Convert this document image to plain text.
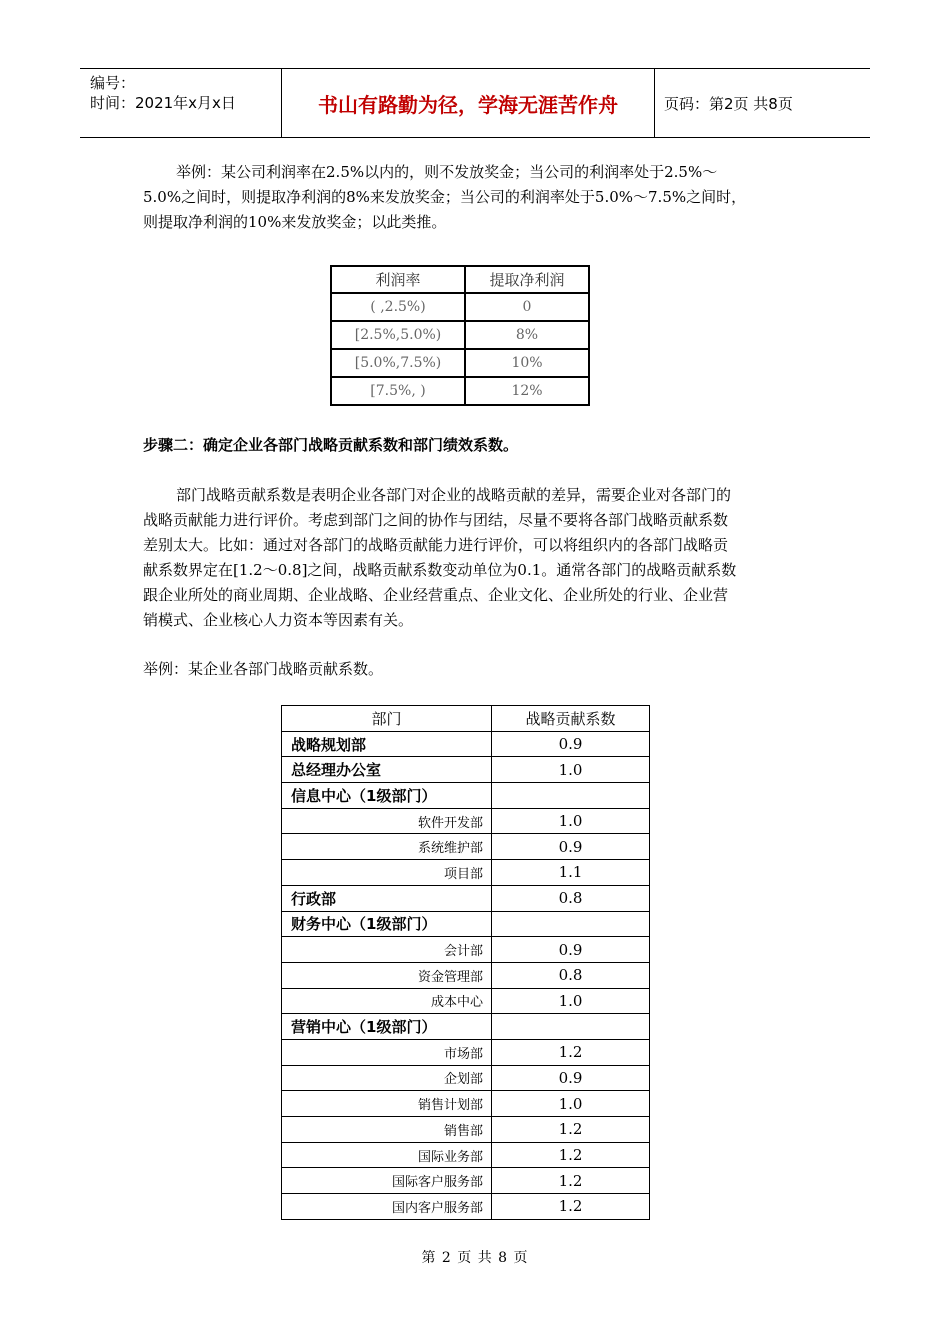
编号：
时间：2021年x月x日	书山有路勤为径，学海无涯苦作舟	页码：第2页 共8页
举例：某公司利润率在2.5%以内的，则不发放奖金；当公司的利润率处于2.5%～
5.0%之间时，则提取净利润的8%来发放奖金；当公司的利润率处于5.0%～7.5%之间时，
则提取净利润的10%来发放奖金；以此类推。
利润率	提取净利润
( ,2.5%)	0
[2.5%,5.0%)	8%
[5.0%,7.5%)	10%
[7.5%, )	12%
步骤二：确定企业各部门战略贡献系数和部门绩效系数。
部门战略贡献系数是表明企业各部门对企业的战略贡献的差异，需要企业对各部门的
战略贡献能力进行评价。考虑到部门之间的协作与团结，尽量不要将各部门战略贡献系数
差别太大。比如：通过对各部门的战略贡献能力进行评价，可以将组织内的各部门战略贡
献系数界定在[1.2～0.8]之间，战略贡献系数变动单位为0.1。通常各部门的战略贡献系数
跟企业所处的商业周期、企业战略、企业经营重点、企业文化、企业所处的行业、企业营
销模式、企业核心人力资本等因素有关。
举例：某企业各部门战略贡献系数。
部门	战略贡献系数
战略规划部	0.9
总经理办公室	1.0
信息中心（1级部门）	
软件开发部	1.0
系统维护部	0.9
项目部	1.1
行政部	0.8
财务中心（1级部门）	
会计部	0.9
资金管理部	0.8
成本中心	1.0
营销中心（1级部门）	
市场部	1.2
企划部	0.9
销售计划部	1.0
销售部	1.2
国际业务部	1.2
国际客户服务部	1.2
国内客户服务部	1.2
第 2 页 共 8 页
